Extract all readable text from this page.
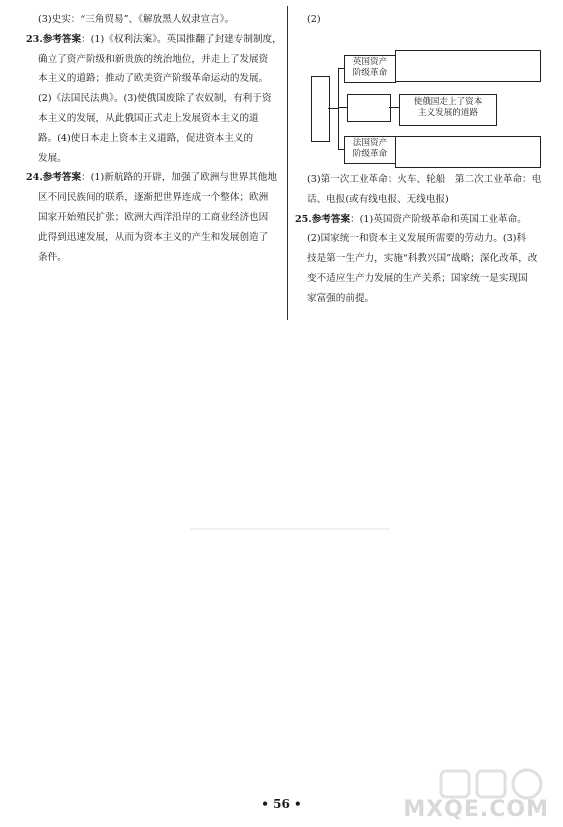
(3)史实：“三角贸易”、《解放黑人奴隶宣言》。

23.参考答案：(1)《权利法案》。英国推翻了封建专制制度，

确立了资产阶级和新贵族的统治地位，并走上了发展资

本主义的道路；推动了欧美资产阶级革命运动的发展。

(2)《法国民法典》。(3)使俄国废除了农奴制，有利于资

本主义的发展，从此俄国正式走上发展资本主义的道

路。(4)使日本走上资本主义道路，促进资本主义的

发展。

24.参考答案：(1)新航路的开辟，加强了欧洲与世界其他地

区不同民族间的联系，逐渐把世界连成一个整体；欧洲

国家开始殖民扩张；欧洲大西洋沿岸的工商业经济也因

此得到迅速发展，从而为资本主义的产生和发展创造了

条件。

(2)

英国资产
阶级革命
法国资产
阶级革命
使俄国走上了资本
主义发展的道路

(3)第一次工业革命：火车、轮船　第二次工业革命：电

话、电报(或有线电报、无线电报)

25.参考答案：(1)英国资产阶级革命和英国工业革命。

(2)国家统一和资本主义发展所需要的劳动力。(3)科

技是第一生产力，实施“科教兴国”战略；深化改革，改

变不适应生产力发展的生产关系；国家统一是实现国

家富强的前提。

• 56 •	MXQE.COM
